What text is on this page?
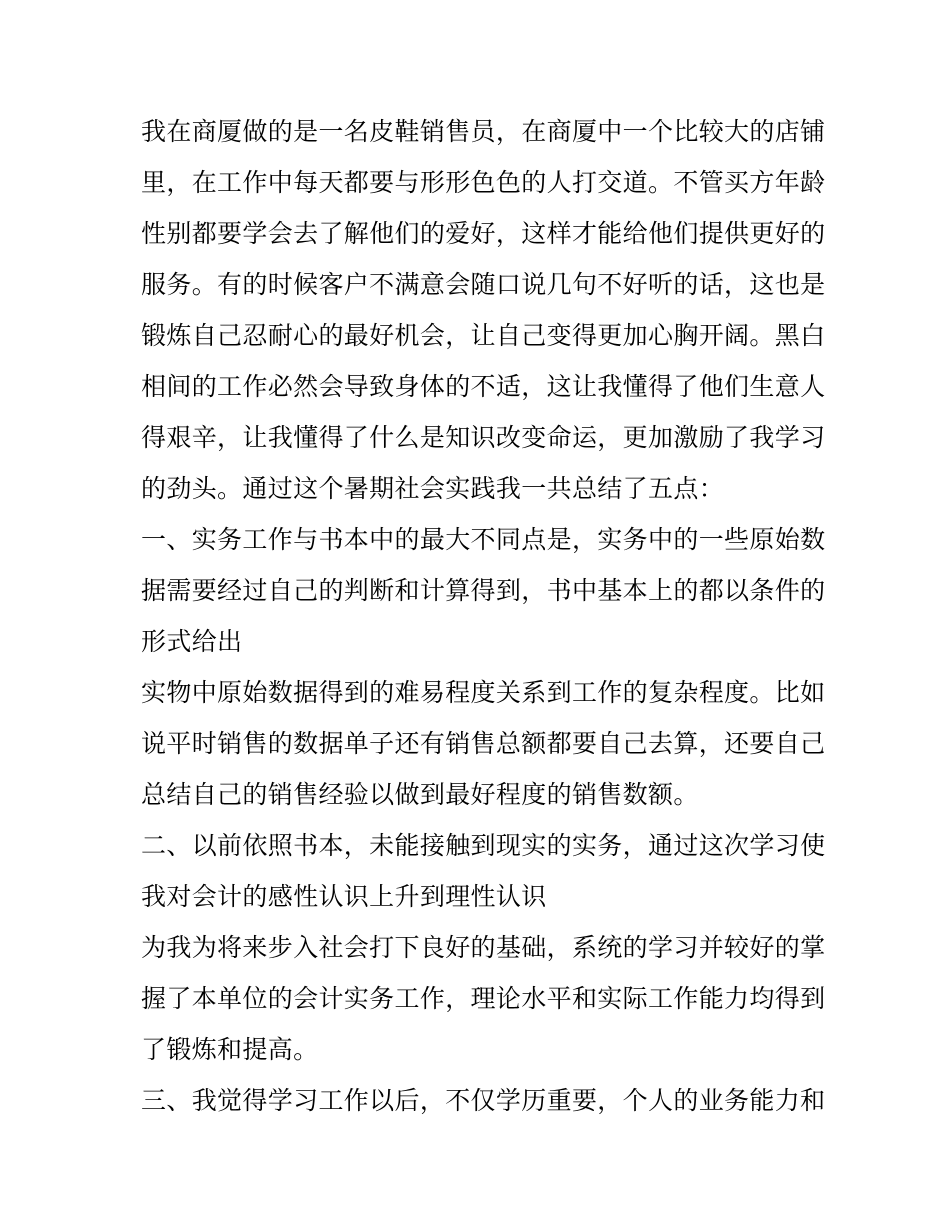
我在商厦做的是一名皮鞋销售员，在商厦中一个比较大的店铺
里，在工作中每天都要与形形色色的人打交道。不管买方年龄
性别都要学会去了解他们的爱好，这样才能给他们提供更好的
服务。有的时候客户不满意会随口说几句不好听的话，这也是
锻炼自己忍耐心的最好机会，让自己变得更加心胸开阔。黑白
相间的工作必然会导致身体的不适，这让我懂得了他们生意人
得艰辛，让我懂得了什么是知识改变命运，更加激励了我学习
的劲头。通过这个暑期社会实践我一共总结了五点：
一、实务工作与书本中的最大不同点是，实务中的一些原始数
据需要经过自己的判断和计算得到，书中基本上的都以条件的
形式给出
实物中原始数据得到的难易程度关系到工作的复杂程度。比如
说平时销售的数据单子还有销售总额都要自己去算，还要自己
总结自己的销售经验以做到最好程度的销售数额。
二、以前依照书本，未能接触到现实的实务，通过这次学习使
我对会计的感性认识上升到理性认识
为我为将来步入社会打下良好的基础，系统的学习并较好的掌
握了本单位的会计实务工作，理论水平和实际工作能力均得到
了锻炼和提高。
三、我觉得学习工作以后，不仅学历重要，个人的业务能力和
